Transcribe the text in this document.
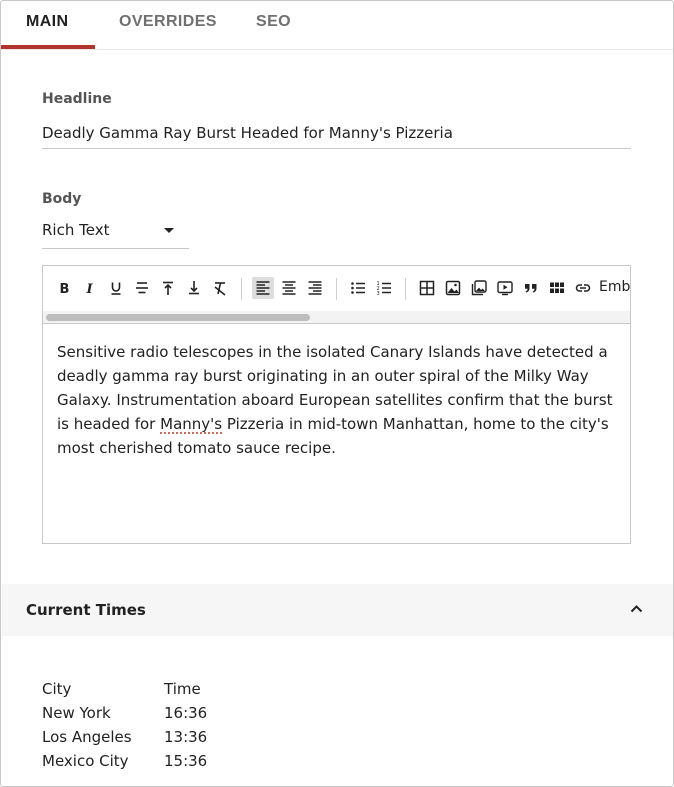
MAIN	OVERRIDES SEO
Headline
Deadly Gamma Ray Burst Headed for Manny's Pizzeria
Body
Rich Text
B I	1
2
3	Emb
Sensitive radio telescopes in the isolated Canary Islands have detected a deadly gamma ray burst originating in an outer spiral of the Milky Way Galaxy. Instrumentation aboard European satellites confirm that the burst is headed for Manny's Pizzeria in mid-town Manhattan, home to the city's most cherished tomato sauce recipe.
Current Times
City	Time
New York	16:36
Los Angeles	13:36
Mexico City	15:36
